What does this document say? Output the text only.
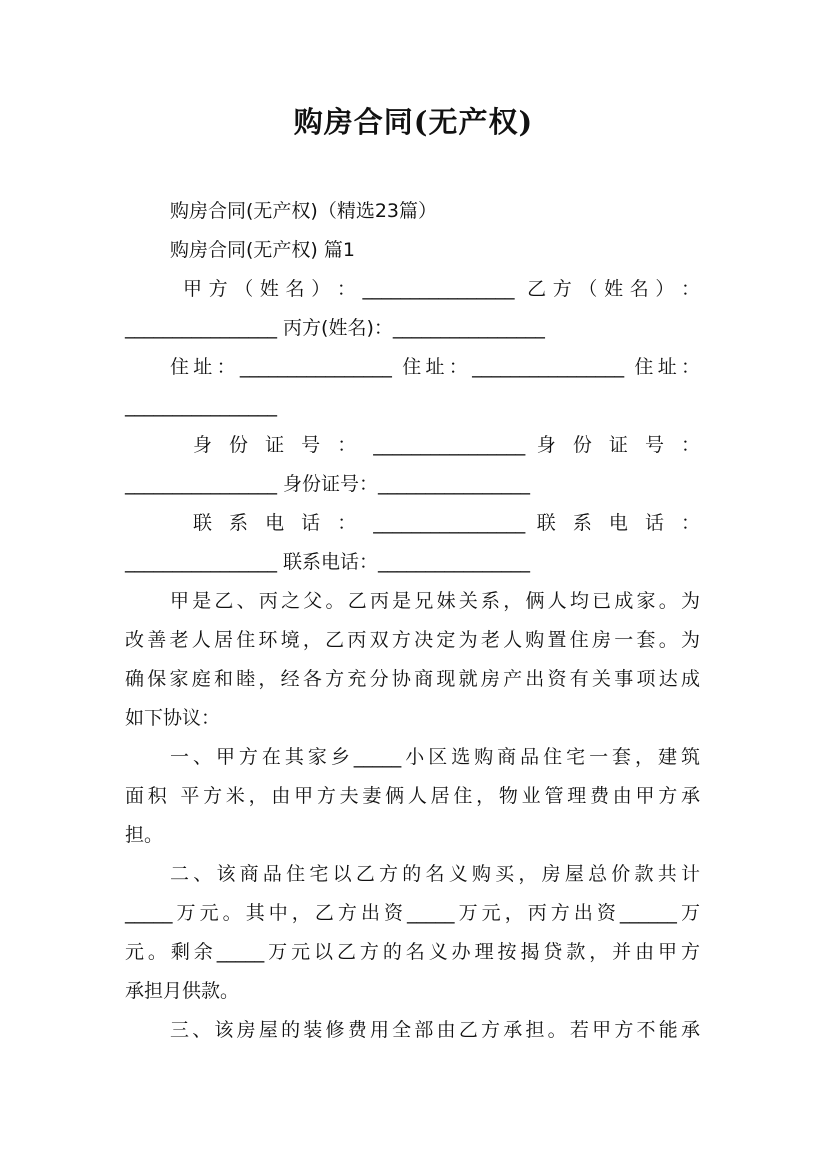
购房合同(无产权)
购房合同(无产权)（精选23篇）
购房合同(无产权) 篇1
甲 方 （ 姓 名 ） ： ________________  乙 方 （ 姓 名 ） ：
________________ 丙方(姓名)：________________
住址：________________ 住址：________________ 住址：
________________
身 份 证 号 ： ________________ 身 份 证 号 ：
________________ 身份证号：________________
联 系 电 话 ： ________________ 联 系 电 话 ：
________________ 联系电话：________________
甲是乙、丙之父。乙丙是兄妹关系，俩人均已成家。为
改善老人居住环境，乙丙双方决定为老人购置住房一套。为
确保家庭和睦，经各方充分协商现就房产出资有关事项达成
如下协议：
一、甲方在其家乡_____小区选购商品住宅一套，建筑
面积 平方米，由甲方夫妻俩人居住，物业管理费由甲方承
担。
二、该商品住宅以乙方的名义购买，房屋总价款共计
_____万元。其中，乙方出资_____万元，丙方出资______万
元。剩余_____万元以乙方的名义办理按揭贷款，并由甲方
承担月供款。
三、该房屋的装修费用全部由乙方承担。若甲方不能承
